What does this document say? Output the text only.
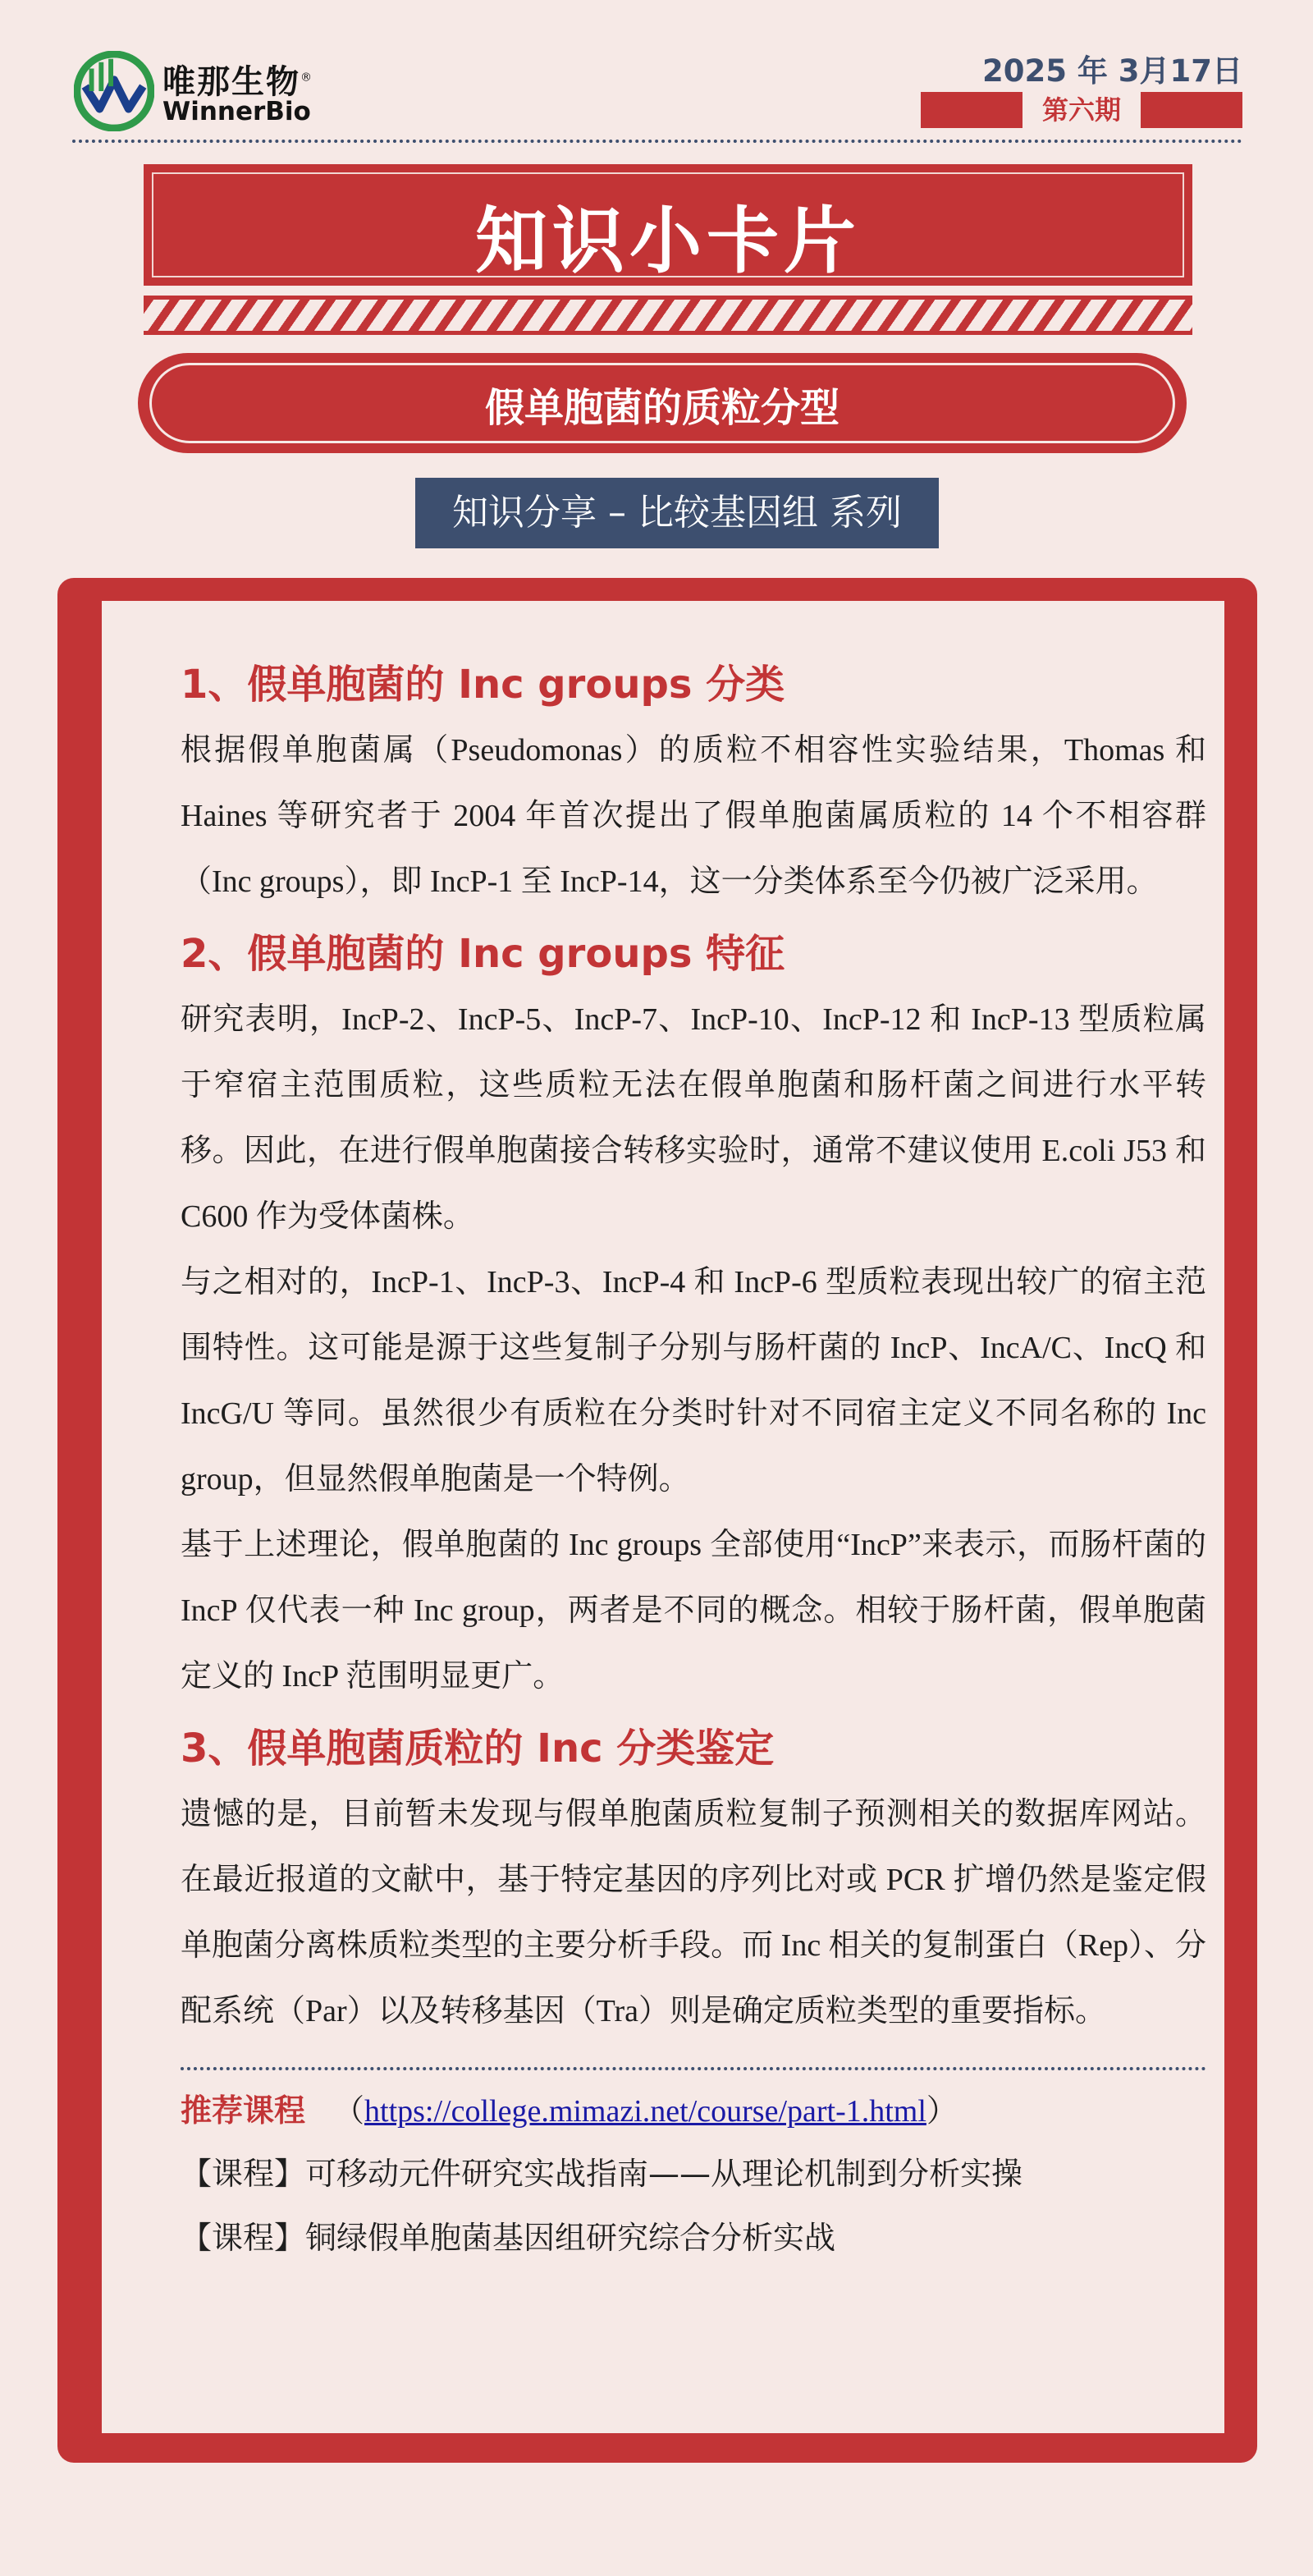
唯那生物®
WinnerBio
2025 年 3月17日
第六期
知识小卡片
假单胞菌的质粒分型
知识分享 – 比较基因组 系列
1、假单胞菌的 Inc groups 分类

根据假单胞菌属（Pseudomonas）的质粒不相容性实验结果，Thomas 和 Haines 等研究者于 2004 年首次提出了假单胞菌属质粒的 14 个不相容群（Inc groups），即 IncP-1 至 IncP-14，这一分类体系至今仍被广泛采用。

2、假单胞菌的 Inc groups 特征

研究表明，IncP-2、IncP-5、IncP-7、IncP-10、IncP-12 和 IncP-13 型质粒属于窄宿主范围质粒，这些质粒无法在假单胞菌和肠杆菌之间进行水平转移。因此，在进行假单胞菌接合转移实验时，通常不建议使用 E.coli J53 和 C600 作为受体菌株。

与之相对的，IncP-1、IncP-3、IncP-4 和 IncP-6 型质粒表现出较广的宿主范围特性。这可能是源于这些复制子分别与肠杆菌的 IncP、IncA/C、IncQ 和 IncG/U 等同。虽然很少有质粒在分类时针对不同宿主定义不同名称的 Inc group，但显然假单胞菌是一个特例。

基于上述理论，假单胞菌的 Inc groups 全部使用“IncP”来表示，而肠杆菌的 IncP 仅代表一种 Inc group，两者是不同的概念。相较于肠杆菌，假单胞菌定义的 IncP 范围明显更广。

3、假单胞菌质粒的 Inc 分类鉴定

遗憾的是，目前暂未发现与假单胞菌质粒复制子预测相关的数据库网站。在最近报道的文献中，基于特定基因的序列比对或 PCR 扩增仍然是鉴定假单胞菌分离株质粒类型的主要分析手段。而 Inc 相关的复制蛋白（Rep）、分配系统（Par）以及转移基因（Tra）则是确定质粒类型的重要指标。

推荐课程 （https://college.mimazi.net/course/part-1.html）
【课程】可移动元件研究实战指南——从理论机制到分析实操
【课程】铜绿假单胞菌基因组研究综合分析实战
